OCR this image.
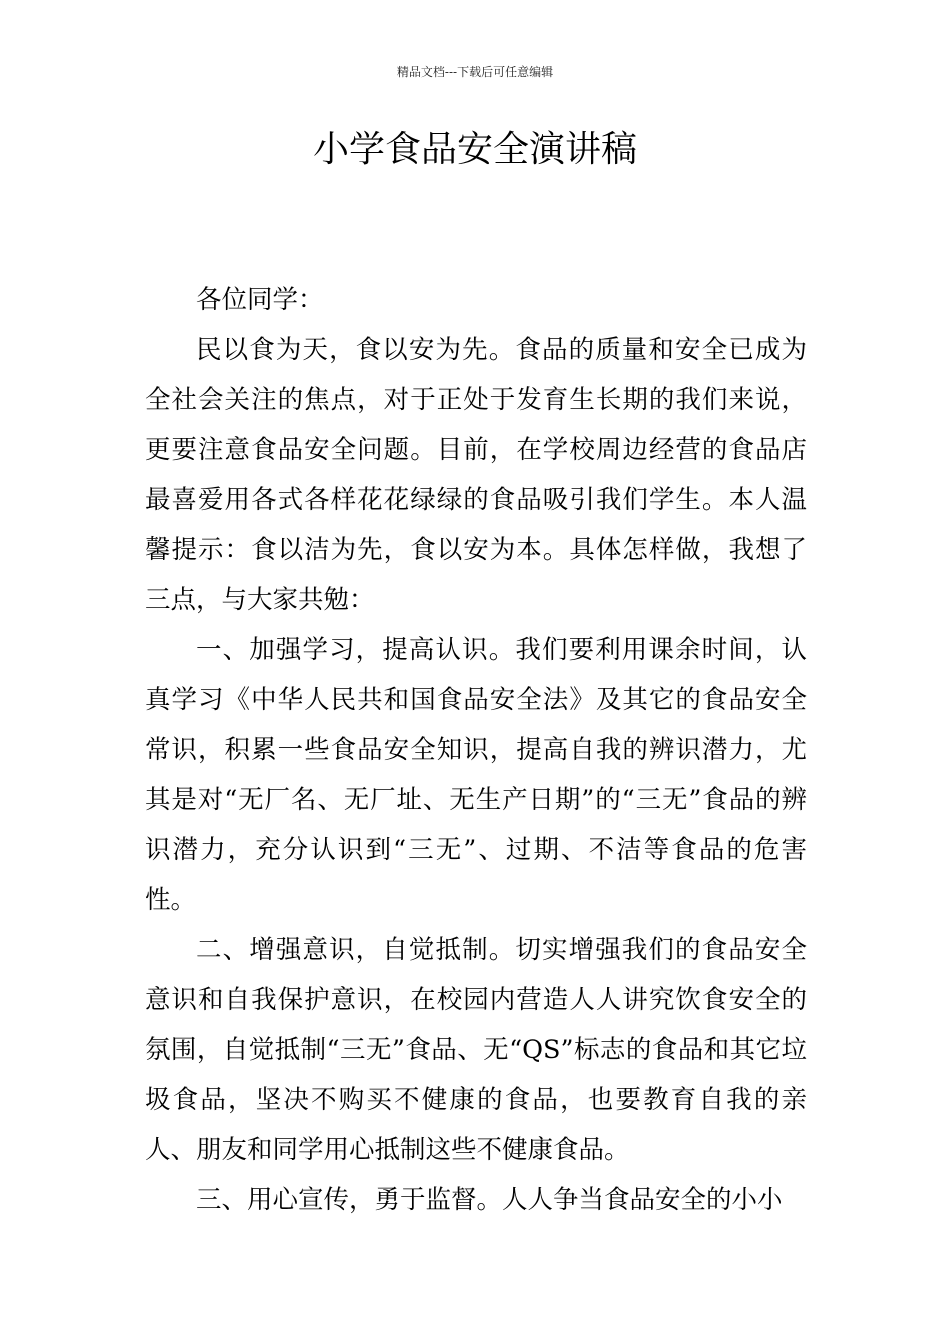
精品文档---下载后可任意编辑
小学食品安全演讲稿

各位同学：

民以食为天，食以安为先。食品的质量和安全已成为全社会关注的焦点，对于正处于发育生长期的我们来说，更要注意食品安全问题。目前，在学校周边经营的食品店最喜爱用各式各样花花绿绿的食品吸引我们学生。本人温馨提示：食以洁为先，食以安为本。具体怎样做，我想了三点，与大家共勉：

一、加强学习，提高认识。我们要利用课余时间，认真学习《中华人民共和国食品安全法》及其它的食品安全常识，积累一些食品安全知识，提高自我的辨识潜力，尤其是对“无厂名、无厂址、无生产日期”的“三无”食品的辨识潜力，充分认识到“三无”、过期、不洁等食品的危害性。

二、增强意识，自觉抵制。切实增强我们的食品安全意识和自我保护意识，在校园内营造人人讲究饮食安全的氛围，自觉抵制“三无”食品、无“QS”标志的食品和其它垃圾食品，坚决不购买不健康的食品，也要教育自我的亲人、朋友和同学用心抵制这些不健康食品。

三、用心宣传，勇于监督。人人争当食品安全的小小
